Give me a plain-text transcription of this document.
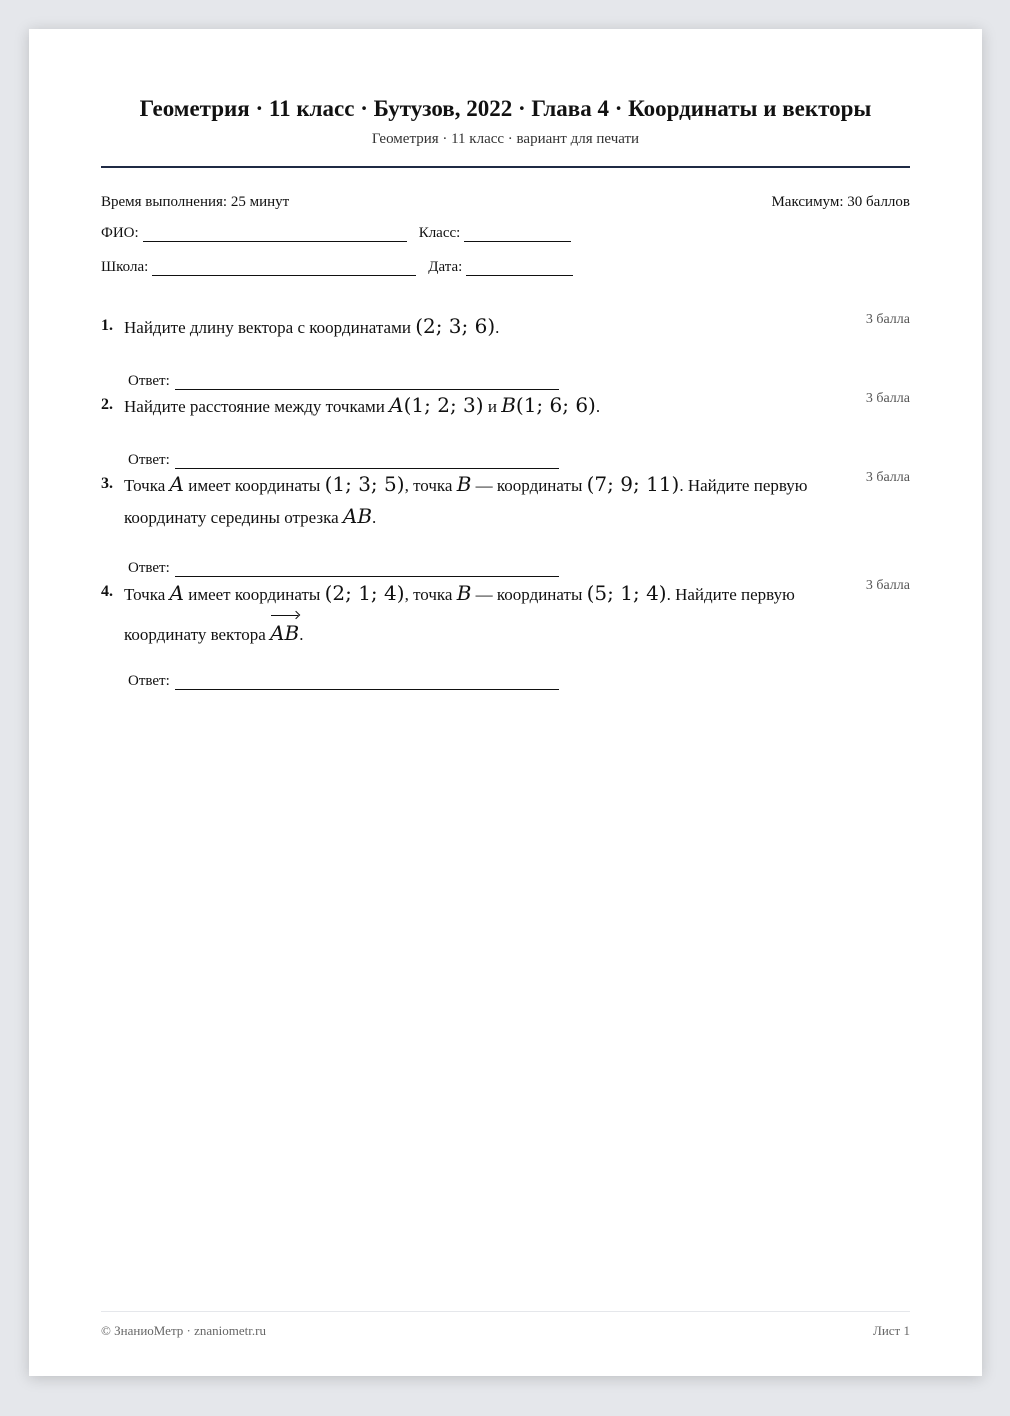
Геометрия · 11 класс · Бутузов, 2022 · Глава 4 · Координаты и векторы
Геометрия · 11 класс · вариант для печати
Время выполнения: 25 минут	Максимум: 30 баллов
ФИО:	Класс:
Школа:	Дата:
1. Найдите длину вектора с координатами (2; 3; 6).	3 балла
Ответ:
2. Найдите расстояние между точками A(1; 2; 3) и B(1; 6; 6).	3 балла
Ответ:
3. Точка A имеет координаты (1; 3; 5), точка B — координаты (7; 9; 11). Найдите первую координату середины отрезка AB.
3 балла
Ответ:
4. Точка A имеет координаты (2; 1; 4), точка B — координаты (5; 1; 4). Найдите первую координату вектора AB.
3 балла
Ответ:
© ЗнаниоМетр · znaniometr.ru	Лист 1
